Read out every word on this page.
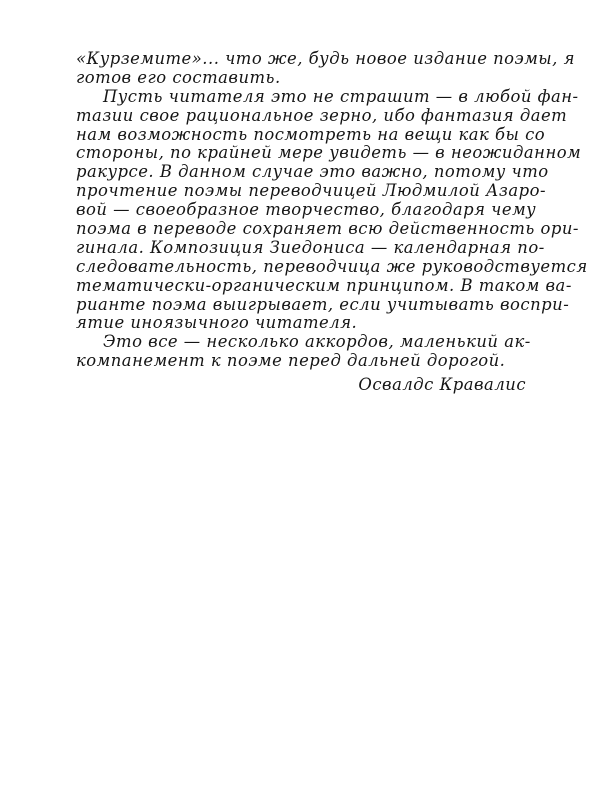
«Курземите»... что же, будь новое издание поэмы, я
готов его составить.
Пусть читателя это не страшит — в любой фан-
тазии свое рациональное зерно, ибо фантазия дает
нам возможность посмотреть на вещи как бы со
стороны, по крайней мере увидеть — в неожиданном
ракурсе. В данном случае это важно, потому что
прочтение поэмы переводчицей Людмилой Азаро-
вой — своеобразное творчество, благодаря чему
поэма в переводе сохраняет всю действенность ори-
гинала. Композиция Зиедониса — календарная по-
следовательность, переводчица же руководствуется
тематически-органическим принципом. В таком ва-
рианте поэма выигрывает, если учитывать воспри-
ятие иноязычного читателя.
Это все — несколько аккордов, маленький ак-
компанемент к поэме перед дальней дорогой.
Освалдс Кравалис
